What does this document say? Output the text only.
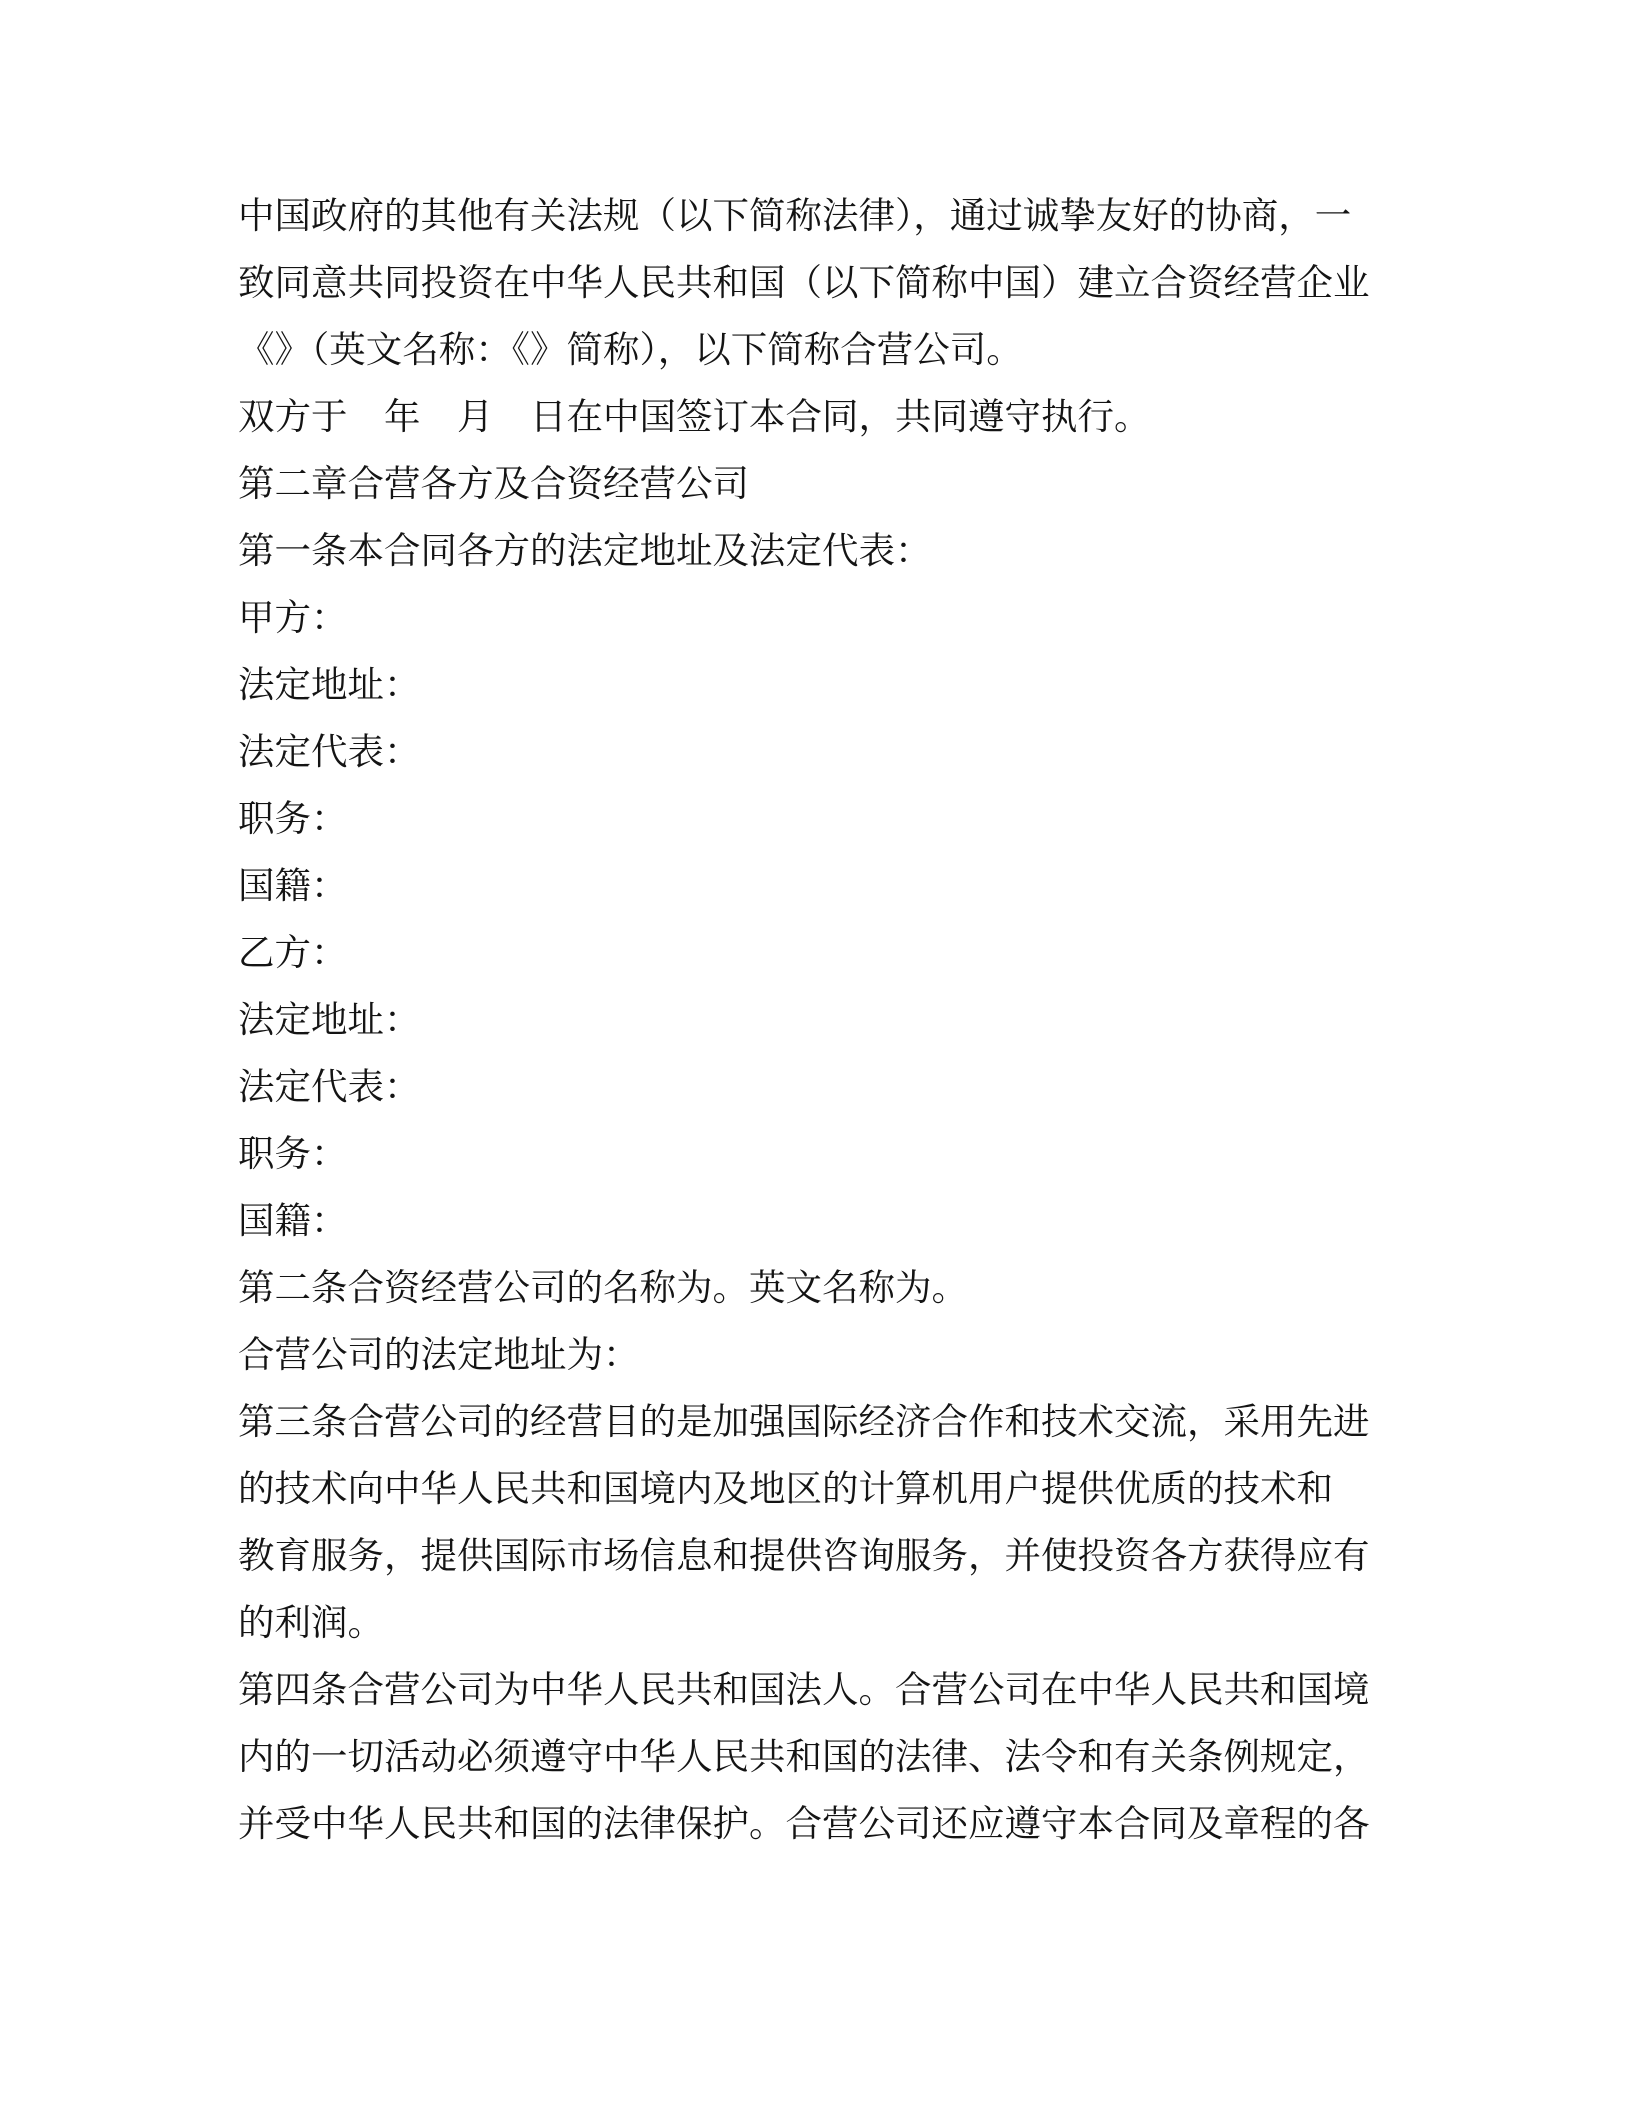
中国政府的其他有关法规（以下简称法律），通过诚挚友好的协商，一
致同意共同投资在中华人民共和国（以下简称中国）建立合资经营企业
《》（英文名称：《》简称），以下简称合营公司。
双方于　年　月　日在中国签订本合同，共同遵守执行。
第二章合营各方及合资经营公司
第一条本合同各方的法定地址及法定代表：
甲方：
法定地址：
法定代表：
职务：
国籍：
乙方：
法定地址：
法定代表：
职务：
国籍：
第二条合资经营公司的名称为。英文名称为。
合营公司的法定地址为：
第三条合营公司的经营目的是加强国际经济合作和技术交流，采用先进
的技术向中华人民共和国境内及地区的计算机用户提供优质的技术和
教育服务，提供国际市场信息和提供咨询服务，并使投资各方获得应有
的利润。
第四条合营公司为中华人民共和国法人。合营公司在中华人民共和国境
内的一切活动必须遵守中华人民共和国的法律、法令和有关条例规定，
并受中华人民共和国的法律保护。合营公司还应遵守本合同及章程的各
